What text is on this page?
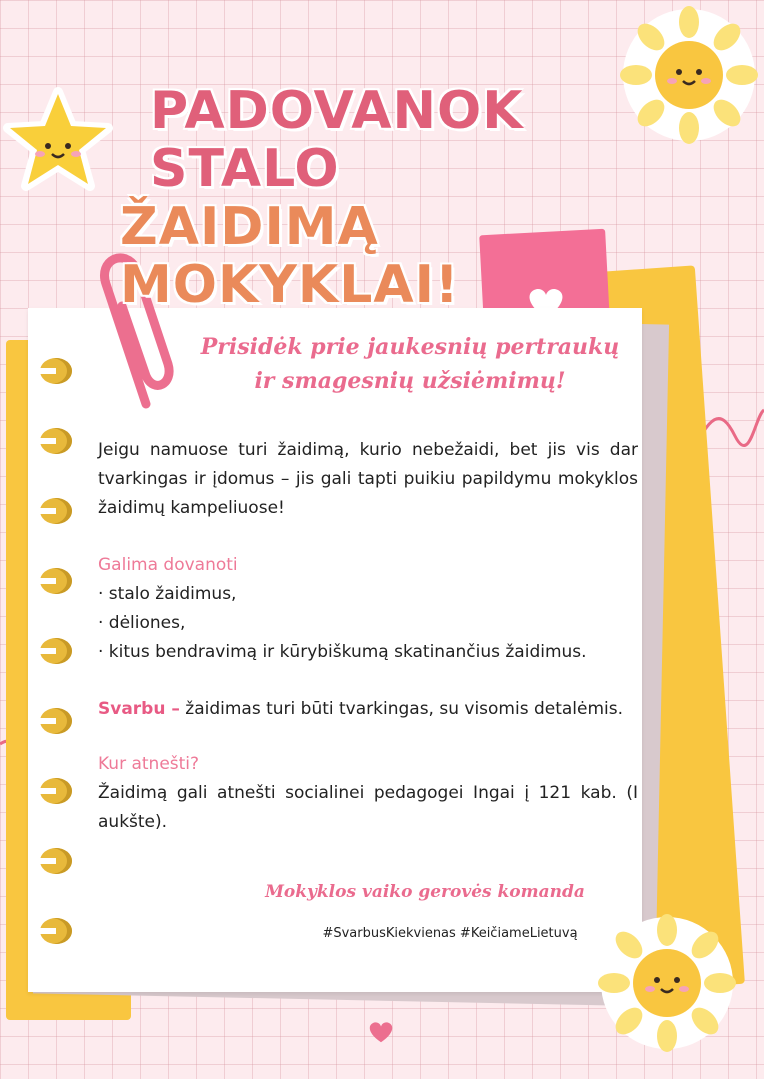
PADOVANOK STALO
ŽAIDIMĄ MOKYKLAI!
Prisidėk prie jaukesnių pertraukų
ir smagesnių užsiėmimų!

Jeigu namuose turi žaidimą, kurio nebežaidi, bet jis vis dar tvarkingas ir įdomus – jis gali tapti puikiu papildymu mokyklos žaidimų kampeliuose!

Galima dovanoti

· stalo žaidimus,

· dėliones,

· kitus bendravimą ir kūrybiškumą skatinančius žaidimus.

Svarbu – žaidimas turi būti tvarkingas, su visomis detalėmis.

Kur atnešti?

Žaidimą gali atnešti socialinei pedagogei Ingai į 121 kab. (I aukšte).

Mokyklos vaiko gerovės komanda
#SvarbusKiekvienas #KeičiameLietuvą
